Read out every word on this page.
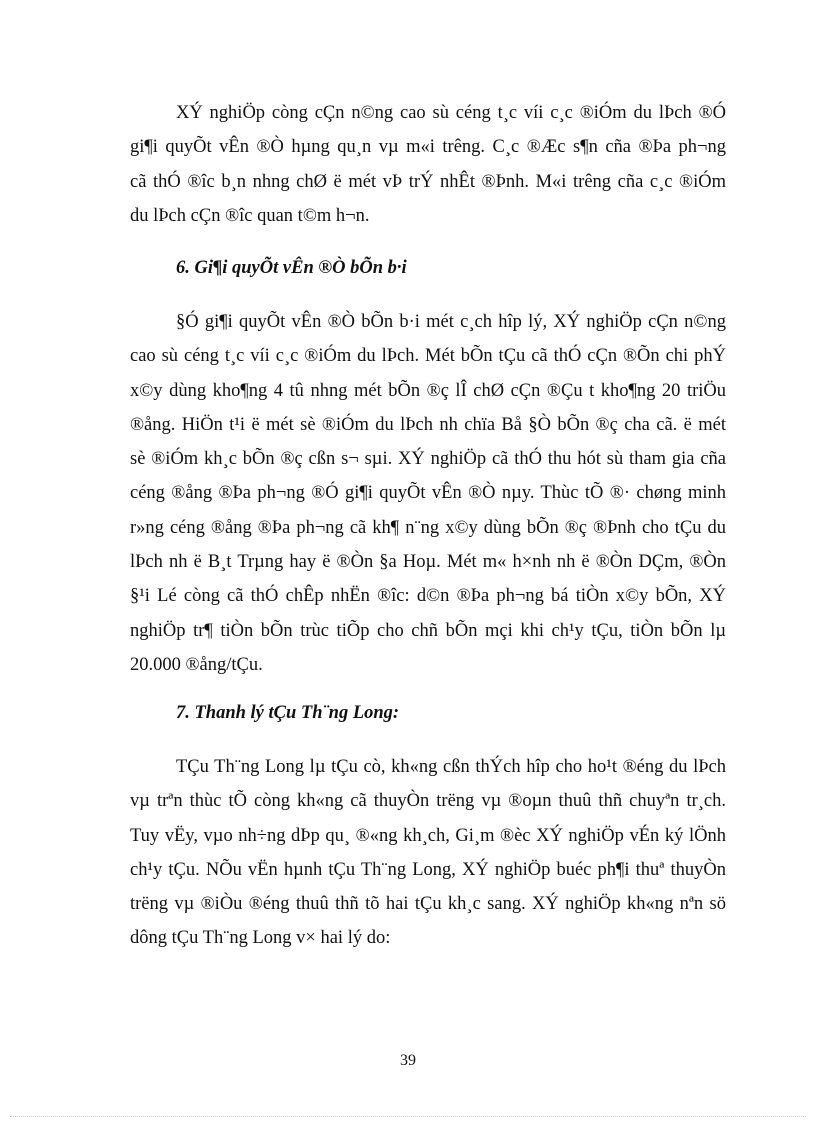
XÝ nghiÖp còng cÇn n©ng cao sù céng t¸c víi c¸c ®iÓm du lÞch ®Ó
gi¶i quyÕt vÊn ®Ò hµng qu¸n vµ m«i trêng. C¸c ®Æc s¶n cña ®Þa ph¬ng
cã thÓ ®îc b¸n nhng chØ ë mét vÞ trÝ nhÊt ®Þnh. M«i trêng cña c¸c ®iÓm
du lÞch cÇn ®îc quan t©m h¬n.
6. Gi¶i quyÕt vÊn ®Ò bÕn b·i
§Ó gi¶i quyÕt vÊn ®Ò bÕn b·i mét c¸ch hîp lý, XÝ nghiÖp cÇn n©ng
cao sù céng t¸c víi c¸c ®iÓm du lÞch. Mét bÕn tÇu cã thÓ cÇn ®Õn chi phÝ
x©y dùng kho¶ng 4 tû nhng mét bÕn ®ç lÎ chØ cÇn ®Çu t kho¶ng 20 triÖu
®ång. HiÖn t¹i ë mét sè ®iÓm du lÞch nh chïa Bå §Ò bÕn ®ç cha cã. ë mét
sè ®iÓm kh¸c bÕn ®ç cßn s¬ sµi. XÝ nghiÖp cã thÓ thu hót sù tham gia cña
céng ®ång ®Þa ph¬ng ®Ó gi¶i quyÕt vÊn ®Ò nµy. Thùc tÕ ®· chøng minh
r»ng céng ®ång ®Þa ph¬ng cã kh¶ n¨ng x©y dùng bÕn ®ç ®Þnh cho tÇu du
lÞch nh ë B¸t Trµng hay ë ®Òn §a Hoµ. Mét m« h×nh nh ë ®Òn DÇm, ®Òn
§¹i Lé còng cã thÓ chÊp nhËn ®îc: d©n ®Þa ph¬ng bá tiÒn x©y bÕn, XÝ
nghiÖp tr¶ tiÒn bÕn trùc tiÕp cho chñ bÕn mçi khi ch¹y tÇu, tiÒn bÕn lµ
20.000 ®ång/tÇu.
7. Thanh lý tÇu Th¨ng Long:
TÇu Th¨ng Long lµ tÇu cò, kh«ng cßn thÝch hîp cho ho¹t ®éng du lÞch
vµ trªn thùc tÕ còng kh«ng cã thuyÒn trëng vµ ®oµn thuû thñ chuyªn tr¸ch.
Tuy vËy, vµo nh÷ng dÞp qu¸ ®«ng kh¸ch, Gi¸m ®èc XÝ nghiÖp vÉn ký lÖnh
ch¹y tÇu. NÕu vËn hµnh tÇu Th¨ng Long, XÝ nghiÖp buéc ph¶i thuª thuyÒn
trëng vµ ®iÒu ®éng thuû thñ tõ hai tÇu kh¸c sang. XÝ nghiÖp kh«ng nªn sö
dông tÇu Th¨ng Long v× hai lý do:
39
